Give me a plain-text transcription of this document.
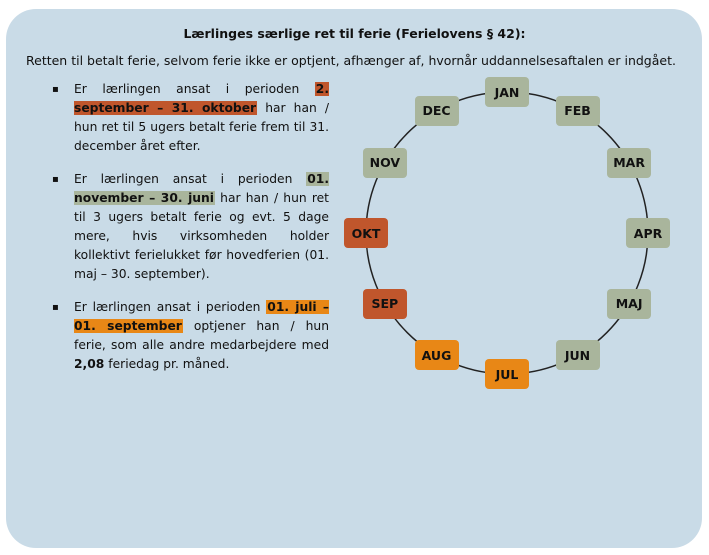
Lærlinges særlige ret til ferie (Ferielovens § 42):
Retten til betalt ferie, selvom ferie ikke er optjent, afhænger af, hvornår uddannelsesaftalen er indgået.
▪ Er lærlingen ansat i perioden 2. september – 31. oktober har han / hun ret til 5 ugers betalt ferie frem til 31. december året efter.
▪ Er lærlingen ansat i perioden 01. november – 30. juni har han / hun ret til 3 ugers betalt ferie og evt. 5 dage mere, hvis virksomheden holder kollektivt ferielukket før hovedferien (01. maj – 30. september).
▪ Er lærlingen ansat i perioden 01. juli – 01. september optjener han / hun ferie, som alle andre medarbejdere med 2,08 feriedag pr. måned.
JAN
FEB
MAR
APR
MAJ
JUN
JUL
AUG
SEP
OKT
NOV
DEC
